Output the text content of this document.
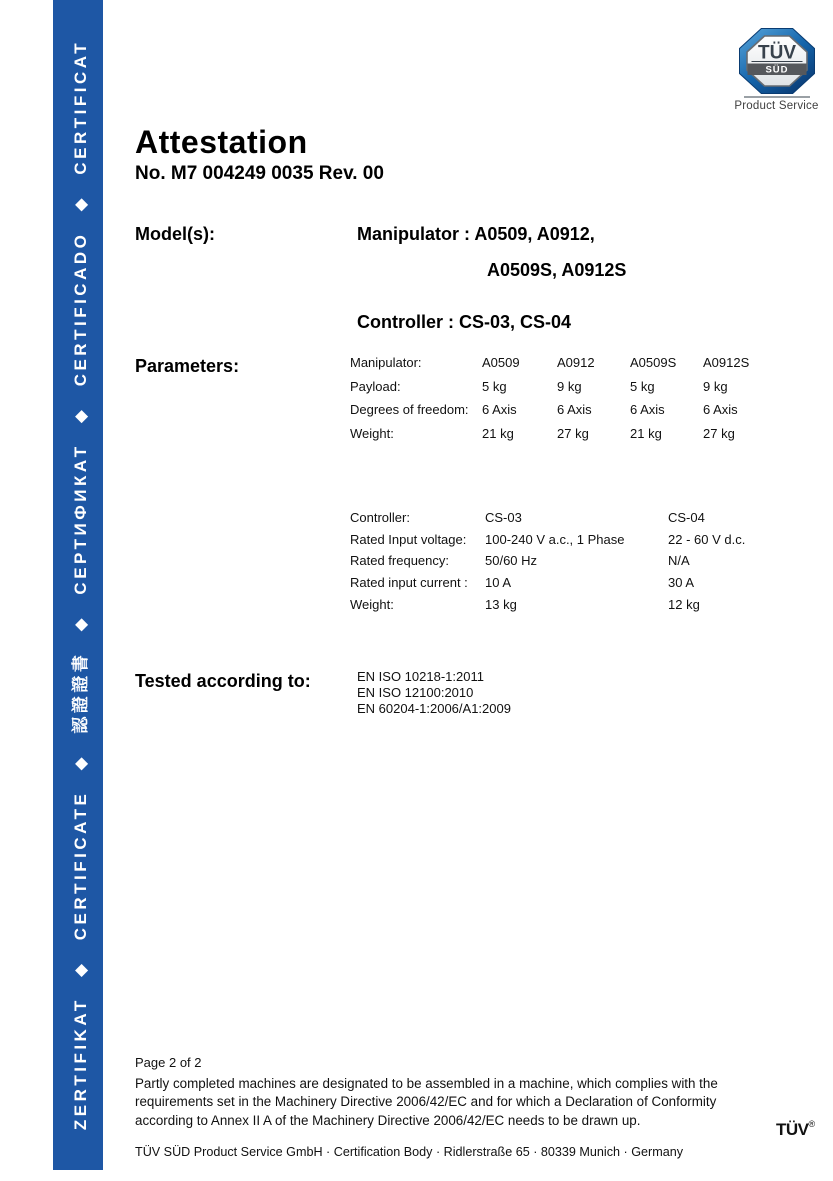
ZERTIFIKAT ◆ CERTIFICATE ◆ 認證證書 ◆ СЕРТИФИКАТ ◆ CERTIFICADO ◆ CERTIFICAT	TÜV
SÜD
Product Service
Attestation
No. M7 004249 0035 Rev. 00
Model(s):	Manipulator : A0509, A0912,
A0509S, A0912S
Controller : CS-03, CS-04
Parameters:	Manipulator:	A0509	A0912	A0509S	A0912S
Payload:	5 kg	9 kg	5 kg	9 kg
Degrees of freedom:	6 Axis	6 Axis	6 Axis	6 Axis
Weight:	21 kg	27 kg	21 kg	27 kg
Controller:	CS-03	CS-04
Rated Input voltage:	100-240 V a.c., 1 Phase	22 - 60 V d.c.
Rated frequency:	50/60 Hz	N/A
Rated input current :	10 A	30 A
Weight:	13 kg	12 kg
Tested according to:	EN ISO 10218-1:2011
EN ISO 12100:2010
EN 60204-1:2006/A1:2009
Page 2 of 2
Partly completed machines are designated to be assembled in a machine, which complies with the
requirements set in the Machinery Directive 2006/42/EC and for which a Declaration of Conformity
according to Annex II A of the Machinery Directive 2006/42/EC needs to be drawn up.	TÜV®
TÜV SÜD Product Service GmbH · Certification Body · Ridlerstraße 65 · 80339 Munich · Germany
